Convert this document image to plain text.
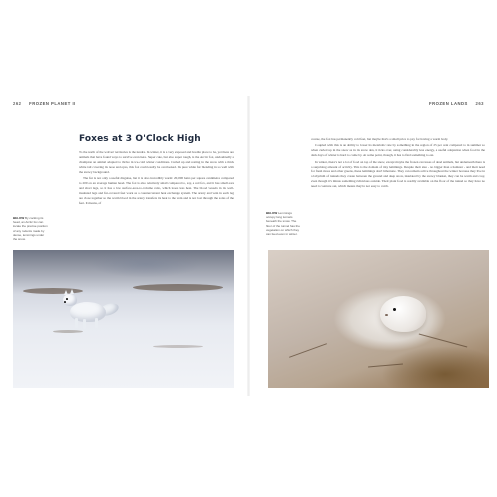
262 FROZEN PLANET II
Foxes at 3 O'Clock High

To the north of the wolves' territories is the tundra. In winter, it is a very exposed and hostile place to be, yet there are animals that have found ways to survive even here. Super cute, but also super tough, is the Arctic fox, undoubtedly a champion an animal adapted to thrive in ice-cold winter conditions. Curled up and resting in the snow with a thick white tail covering its nose and eyes, this fox could easily be overlooked. Its pure white fur blending in so well with the snowy background.

The fur is not only a useful disguise, but it is also incredibly warm: 20,000 hairs per square centimetre compared to 200 on an average human head. The fox is also relatively small compared to, say, a red fox, and it has small ears and short legs, so it has a low surface-area-to-volume ratio, which loses less heat. The blood vessels in its well-insulated legs and fur-covered feet work as a countercurrent heat exchange system. The artery and vein in each leg are close together so the warm blood in the artery transfers its heat to the vein and is not lost through the soles of the feet. It means, of

BELOW By cocking its head, an Arctic fox can locate the precise position of any rodents made by dense, lemmings under the snow.
FROZEN LANDS 263
BELOW Lemmings occupy long tunnels beneath the snow. The floor of the tunnel has the vegetation on which they can feed even in winter.

course, the fox has permanently cold feet, but maybe that's a small price to pay for having a warm body.

Coupled with this is an ability to lower its metabolic rate by something in the region of 25 per cent compared to in summer so when curled up in the snow as in its snow den, it ticks over, using considerably less energy, a useful adaptation when food in the dark days of winter is hard to come by. At some point, though, it has to find something to eat.

In winter, there's not a lot of food on top of the snow, except maybe the frozen carcasses of dead animals, but underneath there is a surprising amount of activity. This is the domain of tiny lemmings. Despite their size - no bigger than a hamster - and their need for fresh moss and other greens, these lemmings don't hibernate. They can remain active throughout the winter because they live in a labyrinth of tunnels they create between the ground and deep snow, insulated by the snowy blanket, they can be warm and cosy, even though it's minus something ridiculous outside. Their plant food is readily available on the floor of the tunnel so they have no need to venture out, which means they're not easy to catch.
